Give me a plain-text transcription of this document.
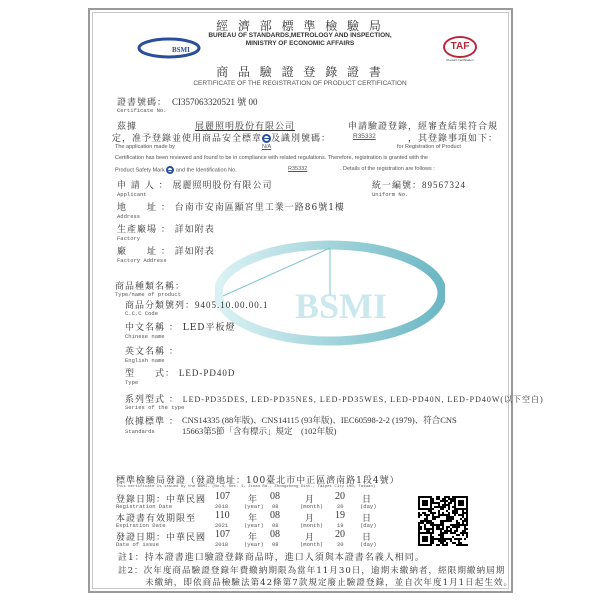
BSMI
BSMI	TAF
Product Certification
經 濟 部 標 準 檢 驗 局
BUREAU OF STANDARDS,METROLOGY AND INSPECTION,
MINISTRY OF ECONOMIC AFFAIRS
商 品 驗 證 登 錄 證 書
CERTIFICATE OF THE REGISTRATION OF PRODUCT CERTIFICATION
證書號碼： CI357063320521 號 00
Certificate No.
茲據	展麗照明股份有限公司	申請驗證登錄，經審查結果符合規
定，准予登錄並使用商品安全標章 及識別號碼：	R35332	，其登錄事項如下：
The application made by	N/A	for Registration of Product
Certification has been reviewed and found to be in compliance with related regulations. Therefore, registration is granted with the
Product Safety Mark and the Identification No.	R35332	. Details of the registration are follows :
申 請 人 ： 展麗照明股份有限公司
Applicant
統一編號：89567324
Uniform No.
地　　址 ： 台南市安南區顯宮里工業一路86號1樓
Address
生產廠場 ： 詳如附表
Factory
廠　　址 ： 詳如附表
Factory Address
商品種類名稱：
Type/name of product
商品分類號列：9405.10.00.00.1
C.C.C Code
中文名稱 ： LED平板燈
Chinese name
英文名稱 ：
English name
型　　式： LED-PD40D
Type
系列型式 ： LED-PD35DES, LED-PD35NES, LED-PD35WES, LED-PD40N, LED-PD40W(以下空白)
Series of the type
依據標準 ： CNS14335 (88年版)、CNS14115 (93年版)、IEC60598-2-2 (1979)、符合CNS
Standards	15663第5節「含有標示」規定　(102年版)
標準檢驗局發證（發證地址：100臺北市中正區濟南路1段4號）
This certificate is issued by the BSMI. (No.4, Sec. 1, Jinan Rd., Zhongzheng Dist., Taipei City 100, Taiwan)
登錄日期：中華民國 107 年 08	月 20 日
Registration Date	2018	(year) 08	(month)	20	(day)
本證書有效期限至 110 年 08	月 19 日
Expiration Date	2021	(year) 08	(month)	19	(day)
發證日期：中華民國 107 年 08	月 20 日
Date of issue	2018	(year) 08	(month)	20	(day)
註1：持本證書進口驗證登錄商品時，進口人須與本證書名義人相同。
註2：次年度商品驗證登錄年費繳納期限為當年11月30日，逾期未繳納者，經限期繳納屆期
未繳納，即依商品檢驗法第42條第7款規定廢止驗證登錄，並自次年度1月1日起生效。
